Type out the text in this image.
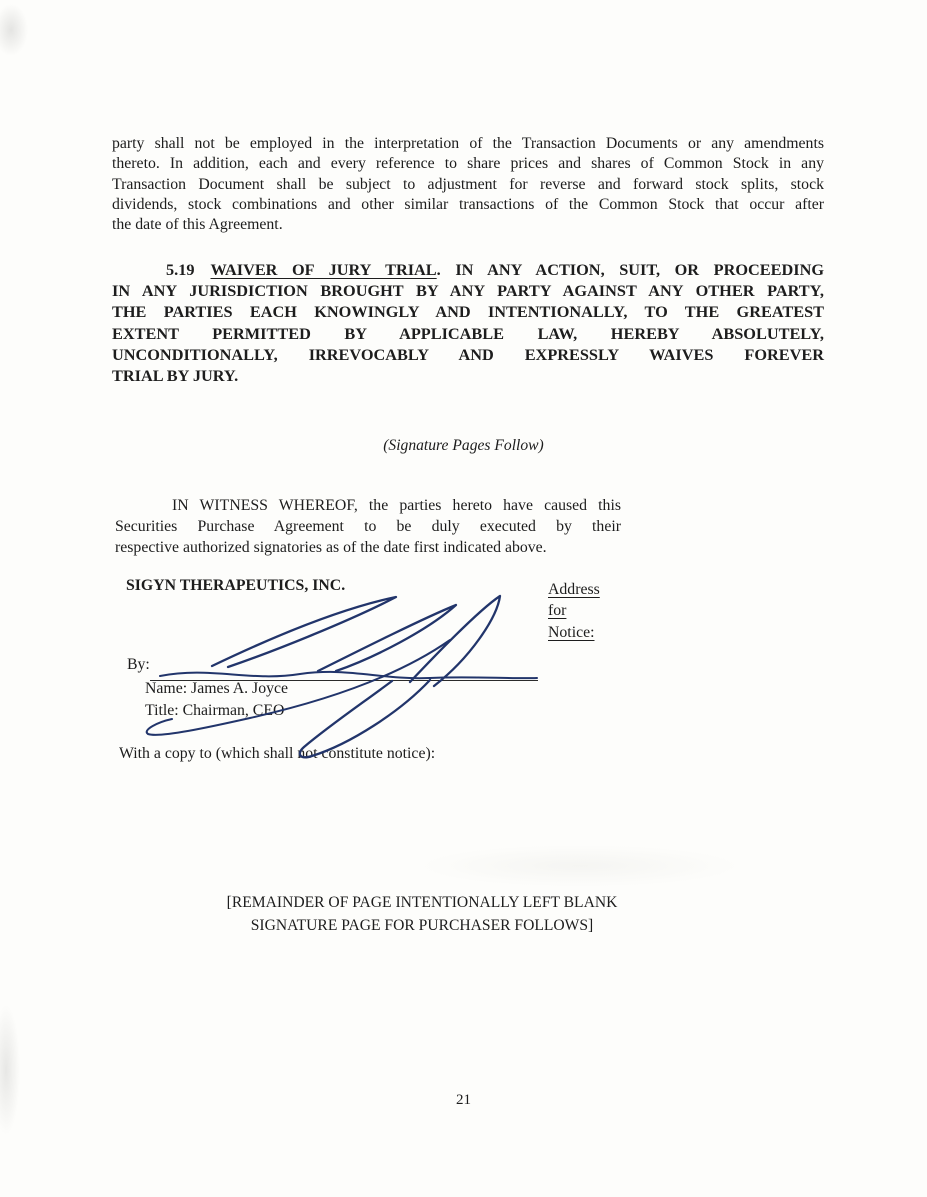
party shall not be employed in the interpretation of the Transaction Documents or any amendments
thereto. In addition, each and every reference to share prices and shares of Common Stock in any
Transaction Document shall be subject to adjustment for reverse and forward stock splits, stock
dividends, stock combinations and other similar transactions of the Common Stock that occur after
the date of this Agreement.
5.19 WAIVER OF JURY TRIAL. IN ANY ACTION, SUIT, OR PROCEEDING
IN ANY JURISDICTION BROUGHT BY ANY PARTY AGAINST ANY OTHER PARTY,
THE PARTIES EACH KNOWINGLY AND INTENTIONALLY, TO THE GREATEST
EXTENT PERMITTED BY APPLICABLE LAW, HEREBY ABSOLUTELY,
UNCONDITIONALLY, IRREVOCABLY AND EXPRESSLY WAIVES FOREVER
TRIAL BY JURY.
(Signature Pages Follow)
IN WITNESS WHEREOF, the parties hereto have caused this
Securities Purchase Agreement to be duly executed by their
respective authorized signatories as of the date first indicated above.
SIGYN THERAPEUTICS, INC.	Address
for
Notice:
By:
Name: James A. Joyce
Title: Chairman, CEO
With a copy to (which shall not constitute notice):
[REMAINDER OF PAGE INTENTIONALLY LEFT BLANK
SIGNATURE PAGE FOR PURCHASER FOLLOWS]
21
